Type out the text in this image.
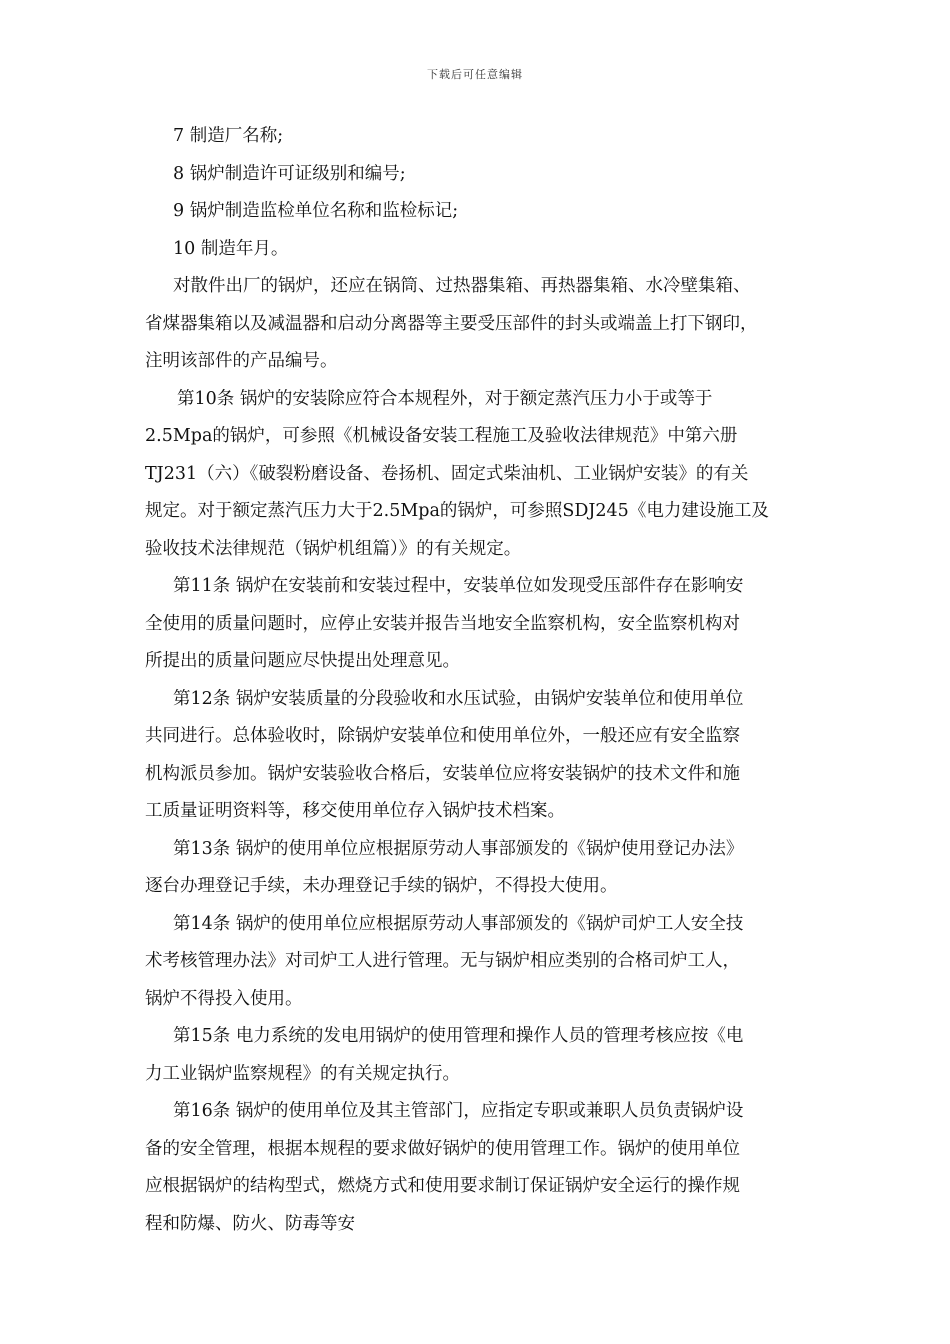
下载后可任意编辑

7 制造厂名称;

8 锅炉制造许可证级别和编号;

9 锅炉制造监检单位名称和监检标记;

10 制造年月。

对散件出厂的锅炉，还应在锅筒、过热器集箱、再热器集箱、水冷壁集箱、
省煤器集箱以及减温器和启动分离器等主要受压部件的封头或端盖上打下钢印，
注明该部件的产品编号。

第10条 锅炉的安装除应符合本规程外，对于额定蒸汽压力小于或等于
2.5Mpa的锅炉，可参照《机械设备安装工程施工及验收法律规范》中第六册
TJ231（六）《破裂粉磨设备、卷扬机、固定式柴油机、工业锅炉安装》的有关
规定。对于额定蒸汽压力大于2.5Mpa的锅炉，可参照SDJ245《电力建设施工及
验收技术法律规范（锅炉机组篇）》的有关规定。

第11条 锅炉在安装前和安装过程中，安装单位如发现受压部件存在影响安
全使用的质量问题时，应停止安装并报告当地安全监察机构，安全监察机构对
所提出的质量问题应尽快提出处理意见。

第12条 锅炉安装质量的分段验收和水压试验，由锅炉安装单位和使用单位
共同进行。总体验收时，除锅炉安装单位和使用单位外，一般还应有安全监察
机构派员参加。锅炉安装验收合格后，安装单位应将安装锅炉的技术文件和施
工质量证明资料等，移交使用单位存入锅炉技术档案。

第13条 锅炉的使用单位应根据原劳动人事部颁发的《锅炉使用登记办法》
逐台办理登记手续，未办理登记手续的锅炉，不得投大使用。

第14条 锅炉的使用单位应根据原劳动人事部颁发的《锅炉司炉工人安全技
术考核管理办法》对司炉工人进行管理。无与锅炉相应类别的合格司炉工人，
锅炉不得投入使用。

第15条 电力系统的发电用锅炉的使用管理和操作人员的管理考核应按《电
力工业锅炉监察规程》的有关规定执行。

第16条 锅炉的使用单位及其主管部门，应指定专职或兼职人员负责锅炉设
备的安全管理，根据本规程的要求做好锅炉的使用管理工作。锅炉的使用单位
应根据锅炉的结构型式，燃烧方式和使用要求制订保证锅炉安全运行的操作规
程和防爆、防火、防毒等安
